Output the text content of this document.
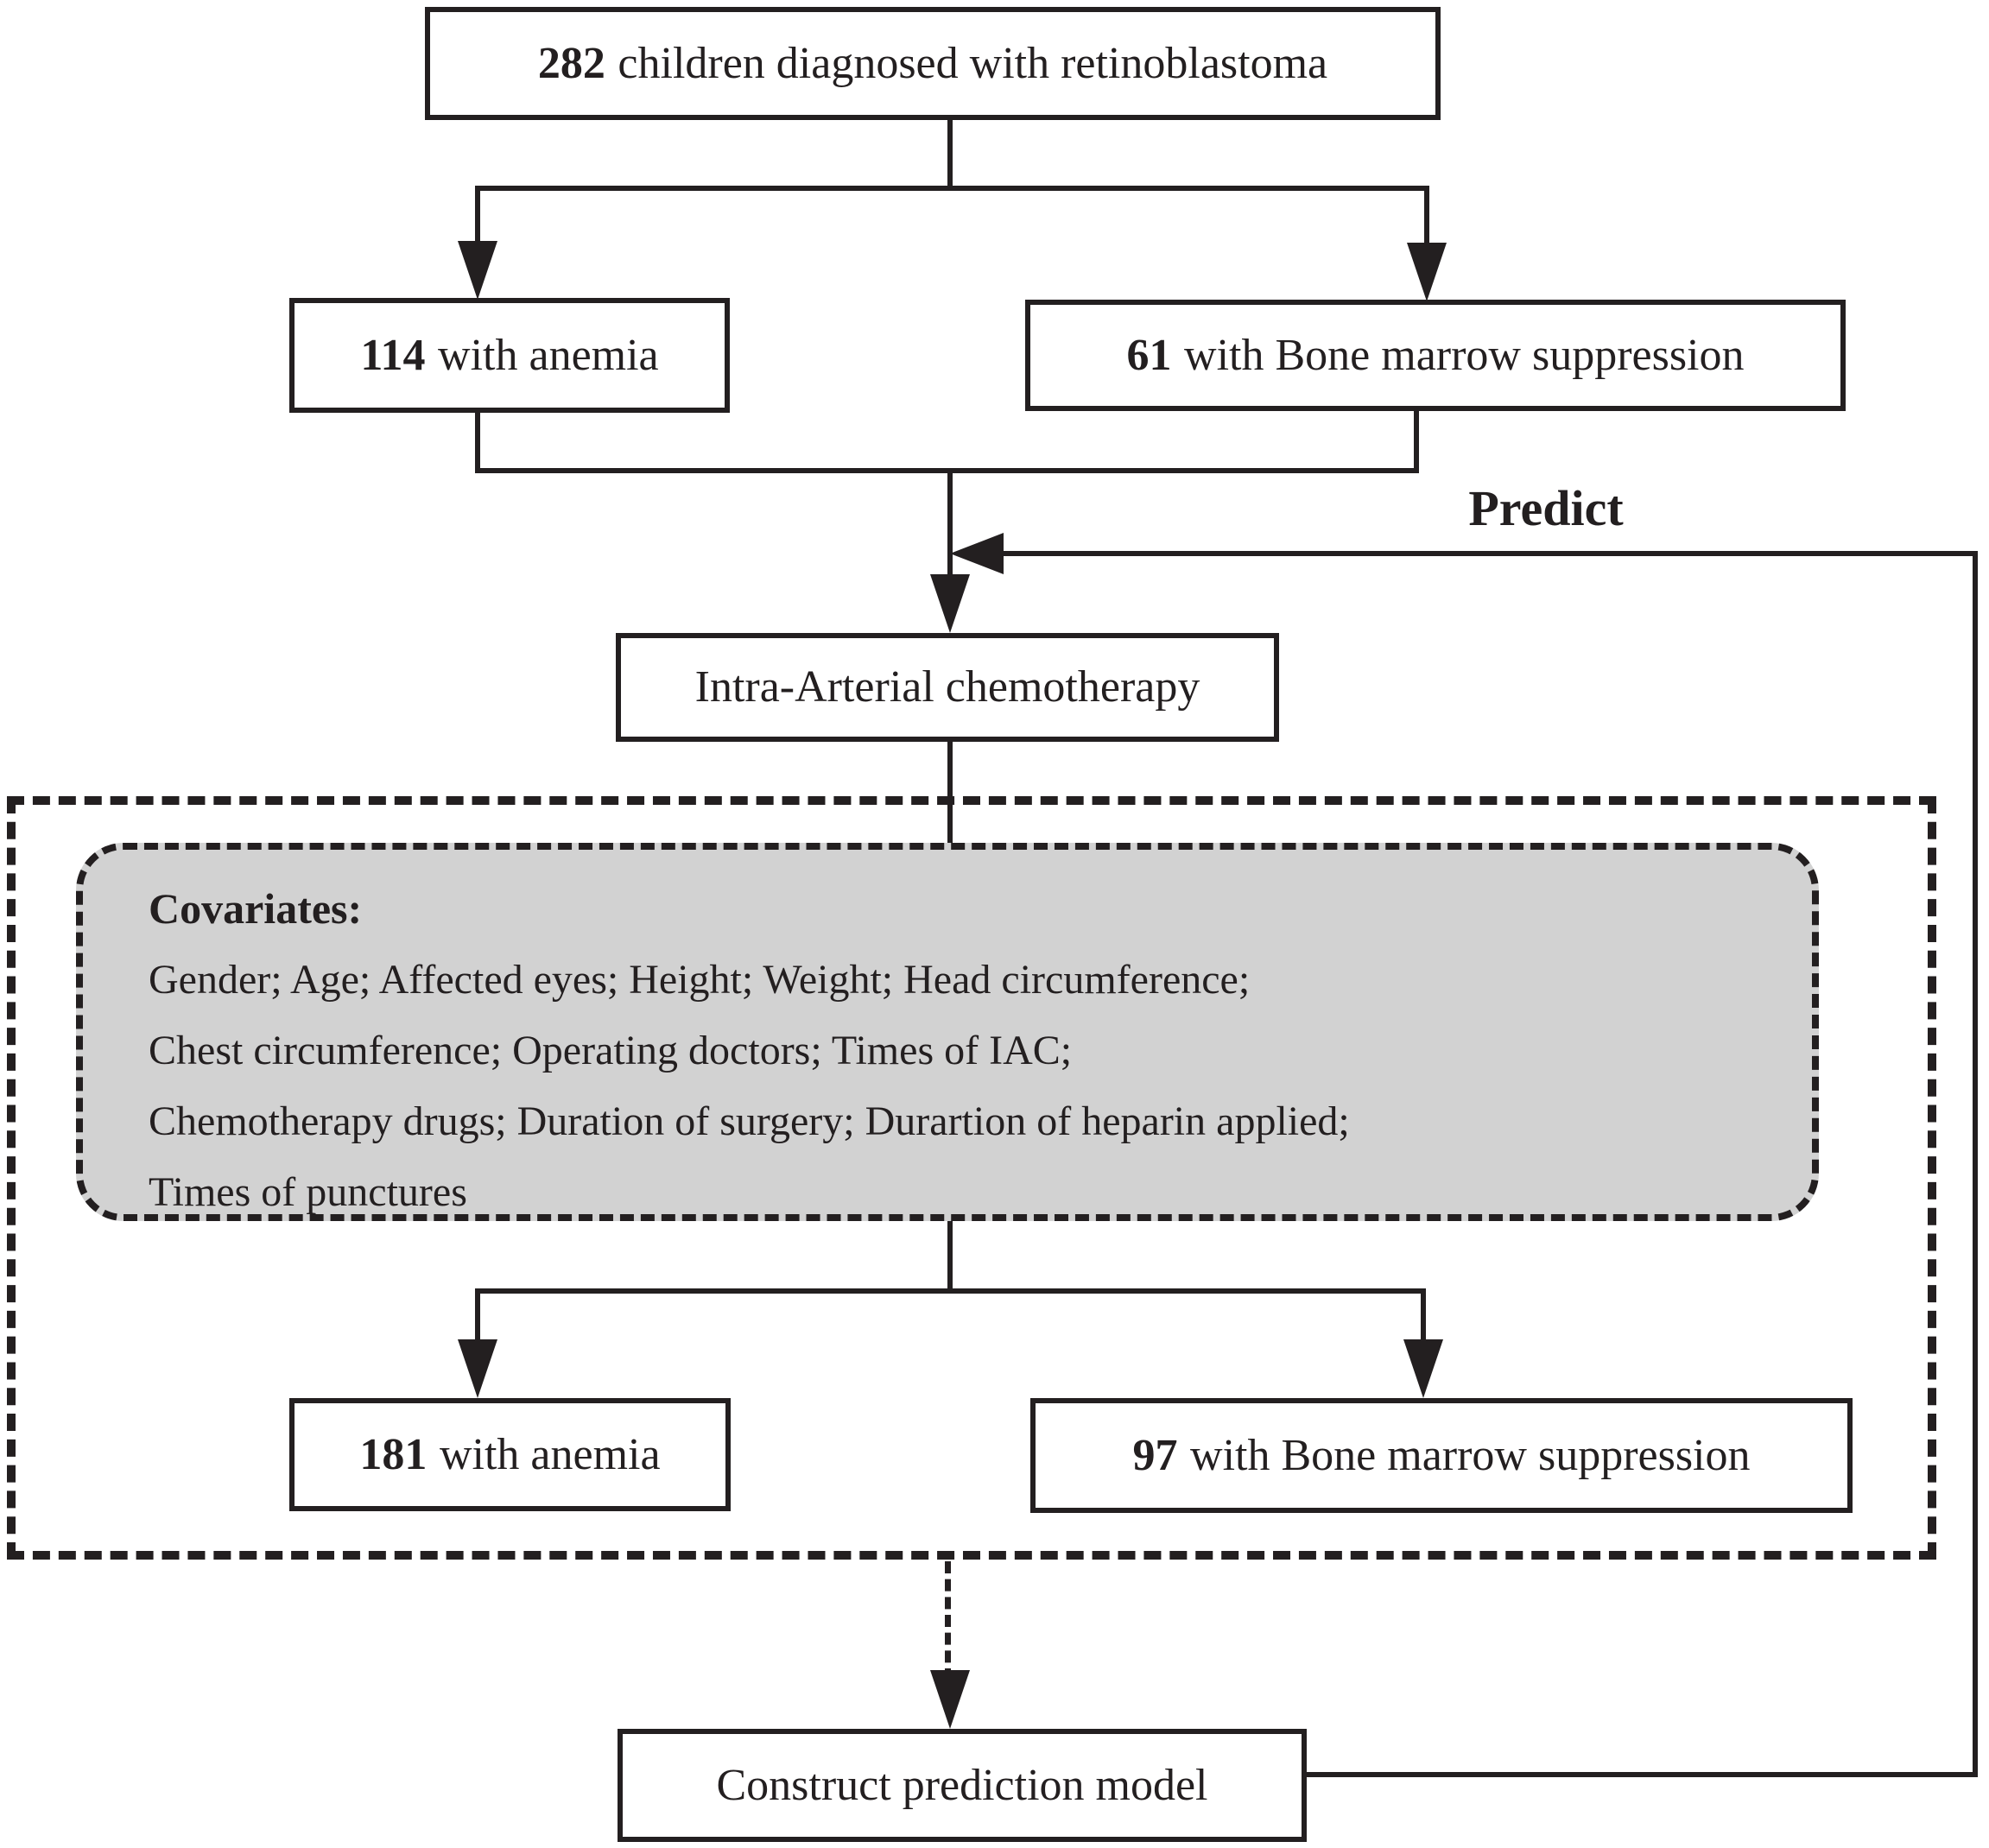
Covariates:
Gender; Age; Affected eyes; Height; Weight; Head circumference;
Chest circumference; Operating doctors; Times of IAC;
Chemotherapy drugs; Duration of surgery; Durartion of heparin applied;
Times of punctures
Predict
282 children diagnosed with retinoblastoma
114 with anemia	61 with Bone marrow suppression
Intra-Arterial chemotherapy
181 with anemia	97 with Bone marrow suppression
Construct prediction model
